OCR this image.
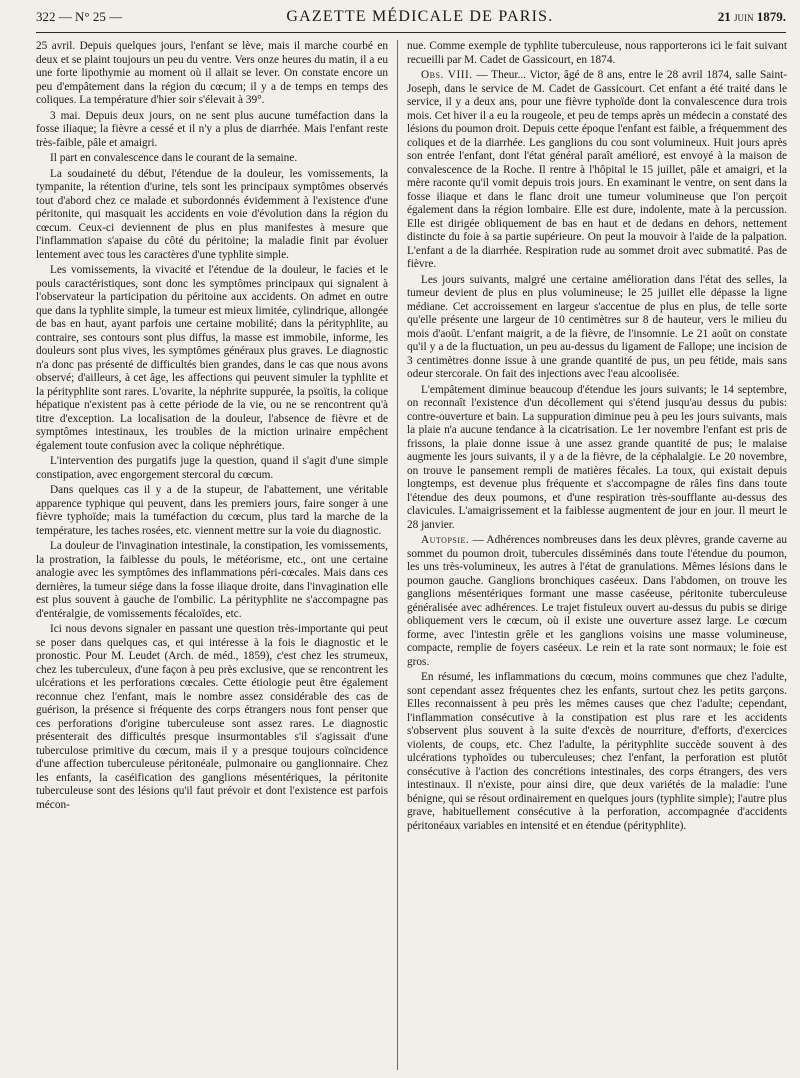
322 — N° 25 —	GAZETTE MÉDICALE DE PARIS.	21 juin 1879.

25 avril. Depuis quelques jours, l'enfant se lève, mais il marche courbé en deux et se plaint toujours un peu du ventre. Vers onze heures du matin, il a eu une forte lipothymie au moment où il allait se lever. On constate encore un peu d'empâtement dans la région du cœcum; il y a de temps en temps des coliques. La température d'hier soir s'élevait à 39°.

3 mai. Depuis deux jours, on ne sent plus aucune tuméfaction dans la fosse iliaque; la fièvre a cessé et il n'y a plus de diarrhée. Mais l'enfant reste très-faible, pâle et amaigri.

Il part en convalescence dans le courant de la semaine.

La soudaineté du début, l'étendue de la douleur, les vomissements, la tympanite, la rétention d'urine, tels sont les principaux symptômes observés tout d'abord chez ce malade et subordonnés évidemment à l'existence d'une péritonite, qui masquait les accidents en voie d'évolution dans la région du cœcum. Ceux-ci deviennent de plus en plus manifestes à mesure que l'inflammation s'apaise du côté du péritoine; la maladie finit par évoluer lentement avec tous les caractères d'une typhlite simple.

Les vomissements, la vivacité et l'étendue de la douleur, le facies et le pouls caractéristiques, sont donc les symptômes principaux qui signalent à l'observateur la participation du péritoine aux accidents. On admet en outre que dans la typhlite simple, la tumeur est mieux limitée, cylindrique, allongée de bas en haut, ayant parfois une certaine mobilité; dans la pérityphlite, au contraire, ses contours sont plus diffus, la masse est immobile, informe, les douleurs sont plus vives, les symptômes généraux plus graves. Le diagnostic n'a donc pas présenté de difficultés bien grandes, dans le cas que nous avons observé; d'ailleurs, à cet âge, les affections qui peuvent simuler la typhlite et la pérityphlite sont rares. L'ovarite, la néphrite suppurée, la psoïtis, la colique hépatique n'existent pas à cette période de la vie, ou ne se rencontrent qu'à titre d'exception. La localisation de la douleur, l'absence de fièvre et de symptômes intestinaux, les troubles de la miction urinaire empêchent également toute confusion avec la colique néphrétique.

L'intervention des purgatifs juge la question, quand il s'agit d'une simple constipation, avec engorgement stercoral du cœcum.

Dans quelques cas il y a de la stupeur, de l'abattement, une véritable apparence typhique qui peuvent, dans les premiers jours, faire songer à une fièvre typhoïde; mais la tuméfaction du cœcum, plus tard la marche de la température, les taches rosées, etc. viennent mettre sur la voie du diagnostic.

La douleur de l'invagination intestinale, la constipation, les vomissements, la prostration, la faiblesse du pouls, le météorisme, etc., ont une certaine analogie avec les symptômes des inflammations péri-cœcales. Mais dans ces dernières, la tumeur siége dans la fosse iliaque droite, dans l'invagination elle est plus souvent à gauche de l'ombilic. La pérityphlite ne s'accompagne pas d'entéralgie, de vomissements fécaloïdes, etc.

Ici nous devons signaler en passant une question très-importante qui peut se poser dans quelques cas, et qui intéresse à la fois le diagnostic et le pronostic. Pour M. Leudet (Arch. de méd., 1859), c'est chez les strumeux, chez les tuberculeux, d'une façon à peu près exclusive, que se rencontrent les ulcérations et les perforations cœcales. Cette étiologie peut être également reconnue chez l'enfant, mais le nombre assez considérable des cas de guérison, la présence si fréquente des corps étrangers nous font penser que ces perforations d'origine tuberculeuse sont assez rares. Le diagnostic présenterait des difficultés presque insurmontables s'il s'agissait d'une tuberculose primitive du cœcum, mais il y a presque toujours coïncidence d'une affection tuberculeuse péritonéale, pulmonaire ou ganglionnaire. Chez les enfants, la caséification des ganglions mésentériques, la péritonite tuberculeuse sont des lésions qu'il faut prévoir et dont l'existence est parfois mécon-

nue. Comme exemple de typhlite tuberculeuse, nous rapporterons ici le fait suivant recueilli par M. Cadet de Gassicourt, en 1874.

Obs. VIII. — Theur... Victor, âgé de 8 ans, entre le 28 avril 1874, salle Saint-Joseph, dans le service de M. Cadet de Gassicourt. Cet enfant a été traité dans le service, il y a deux ans, pour une fièvre typhoïde dont la convalescence dura trois mois. Cet hiver il a eu la rougeole, et peu de temps après un médecin a constaté des lésions du poumon droit. Depuis cette époque l'enfant est faible, a fréquemment des coliques et de la diarrhée. Les ganglions du cou sont volumineux. Huit jours après son entrée l'enfant, dont l'état général paraît amélioré, est envoyé à la maison de convalescence de la Roche. Il rentre à l'hôpital le 15 juillet, pâle et amaigri, et la mère raconte qu'il vomit depuis trois jours. En examinant le ventre, on sent dans la fosse iliaque et dans le flanc droit une tumeur volumineuse que l'on perçoit également dans la région lombaire. Elle est dure, indolente, mate à la percussion. Elle est dirigée obliquement de bas en haut et de dedans en dehors, nettement distincte du foie à sa partie supérieure. On peut la mouvoir à l'aide de la palpation. L'enfant a de la diarrhée. Respiration rude au sommet droit avec submatité. Pas de fièvre.

Les jours suivants, malgré une certaine amélioration dans l'état des selles, la tumeur devient de plus en plus volumineuse; le 25 juillet elle dépasse la ligne médiane. Cet accroissement en largeur s'accentue de plus en plus, de telle sorte qu'elle présente une largeur de 10 centimètres sur 8 de hauteur, vers le milieu du mois d'août. L'enfant maigrit, a de la fièvre, de l'insomnie. Le 21 août on constate qu'il y a de la fluctuation, un peu au-dessus du ligament de Fallope; une incision de 3 centimètres donne issue à une grande quantité de pus, un peu fétide, mais sans odeur stercorale. On fait des injections avec l'eau alcoolisée.

L'empâtement diminue beaucoup d'étendue les jours suivants; le 14 septembre, on reconnaît l'existence d'un décollement qui s'étend jusqu'au dessus du pubis: contre-ouverture et bain. La suppuration diminue peu à peu les jours suivants, mais la plaie n'a aucune tendance à la cicatrisation. Le 1er novembre l'enfant est pris de frissons, la plaie donne issue à une assez grande quantité de pus; le malaise augmente les jours suivants, il y a de la fièvre, de la céphalalgie. Le 20 novembre, on trouve le pansement rempli de matières fécales. La toux, qui existait depuis longtemps, est devenue plus fréquente et s'accompagne de râles fins dans toute l'étendue des deux poumons, et d'une respiration très-soufflante au-dessus des clavicules. L'amaigrissement et la faiblesse augmentent de jour en jour. Il meurt le 28 janvier.

Autopsie. — Adhérences nombreuses dans les deux plèvres, grande caverne au sommet du poumon droit, tubercules disséminés dans toute l'étendue du poumon, les uns très-volumineux, les autres à l'état de granulations. Mêmes lésions dans le poumon gauche. Ganglions bronchiques caséeux. Dans l'abdomen, on trouve les ganglions mésentériques formant une masse caséeuse, péritonite tuberculeuse généralisée avec adhérences. Le trajet fistuleux ouvert au-dessus du pubis se dirige obliquement vers le cœcum, où il existe une ouverture assez large. Le cœcum forme, avec l'intestin grêle et les ganglions voisins une masse volumineuse, compacte, remplie de foyers caséeux. Le rein et la rate sont normaux; le foie est gros.

En résumé, les inflammations du cœcum, moins communes que chez l'adulte, sont cependant assez fréquentes chez les enfants, surtout chez les petits garçons. Elles reconnaissent à peu près les mêmes causes que chez l'adulte; cependant, l'inflammation consécutive à la constipation est plus rare et les accidents s'observent plus souvent à la suite d'excès de nourriture, d'efforts, d'exercices violents, de coups, etc. Chez l'adulte, la pérityphlite succède souvent à des ulcérations typhoïdes ou tuberculeuses; chez l'enfant, la perforation est plutôt consécutive à l'action des concrétions intestinales, des corps étrangers, des vers intestinaux. Il n'existe, pour ainsi dire, que deux variétés de la maladie: l'une bénigne, qui se résout ordinairement en quelques jours (typhlite simple); l'autre plus grave, habituellement consécutive à la perforation, accompagnée d'accidents péritonéaux variables en intensité et en étendue (pérityphlite).
